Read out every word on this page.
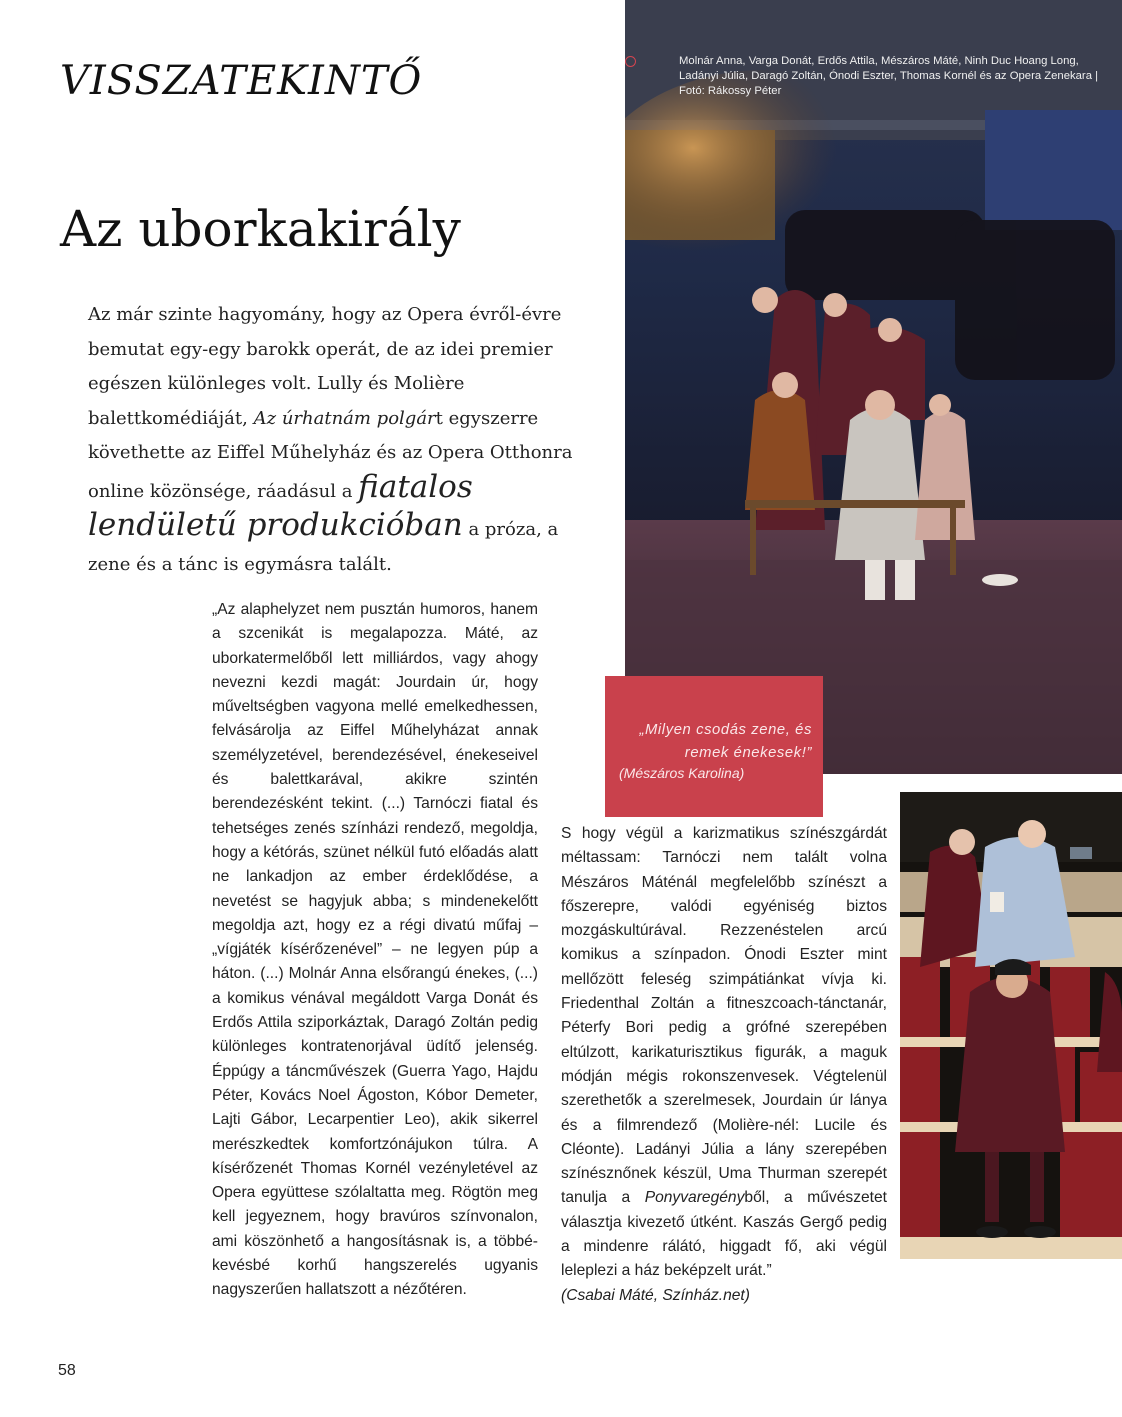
VISSZATEKINTŐ
Az uborkakirály
Az már szinte hagyomány, hogy az Opera évről-évre bemutat egy-egy barokk operát, de az idei premier egészen különleges volt. Lully és Molière balettkomédiáját, Az úrhatnám polgárt egyszerre követhette az Eiffel Műhelyház és az Opera Otthonra online közönsége, ráadásul a fiatalos lendületű produkcióban a próza, a zene és a tánc is egymásra talált.
„Az alaphelyzet nem pusztán humoros, hanem a szcenikát is megalapozza. Máté, az uborkatermelőből lett milliárdos, vagy ahogy nevezni kezdi magát: Jourdain úr, hogy műveltségben vagyona mellé emelkedhessen, felvásárolja az Eiffel Műhelyházat annak személyzetével, berendezésével, énekeseivel és balettkarával, akikre szintén berendezésként tekint. (...) Tarnóczi fiatal és tehetséges zenés színházi rendező, megoldja, hogy a kétórás, szünet nélkül futó előadás alatt ne lankadjon az ember érdeklődése, a nevetést se hagyjuk abba; s mindenekelőtt megoldja azt, hogy ez a régi divatú műfaj – „vígjáték kísérőzenével” – ne legyen púp a háton. (...) Molnár Anna elsőrangú énekes, (...) a komikus vénával megáldott Varga Donát és Erdős Attila sziporkáztak, Daragó Zoltán pedig különleges kontratenorjával üdítő jelenség. Éppúgy a táncművészek (Guerra Yago, Hajdu Péter, Kovács Noel Ágoston, Kóbor Demeter, Lajti Gábor, Lecarpentier Leo), akik sikerrel merészkedtek komfortzónájukon túlra. A kísérőzenét Thomas Kornél vezényletével az Opera együttese szólaltatta meg. Rögtön meg kell jegyeznem, hogy bravúros színvonalon, ami köszönhető a hangosításnak is, a többé-kevésbé korhű hangszerelés ugyanis nagyszerűen hallatszott a nézőtéren.
S hogy végül a karizmatikus színészgárdát méltassam: Tarnóczi nem talált volna Mészáros Máténál megfelelőbb színészt a főszerepre, valódi egyéniség biztos mozgáskultúrával. Rezzenéstelen arcú komikus a színpadon. Ónodi Eszter mint mellőzött feleség szimpátiánkat vívja ki. Friedenthal Zoltán a fitneszcoach-tánctanár, Péterfy Bori pedig a grófné szerepében eltúlzott, karikaturisztikus figurák, a maguk módján mégis rokonszenvesek. Végtelenül szerethetők a szerelmesek, Jourdain úr lánya és a filmrendező (Molière-nél: Lucile és Cléonte). Ladányi Júlia a lány szerepében színésznőnek készül, Uma Thurman szerepét tanulja a Ponyvaregényből, a művészetet választja kivezető útként. Kaszás Gergő pedig a mindenre rálátó, higgadt fő, aki végül leleplezi a ház beképzelt urát.”
(Csabai Máté, Színház.net)
Molnár Anna, Varga Donát, Erdős Attila, Mészáros Máté, Ninh Duc Hoang Long, Ladányi Júlia, Daragó Zoltán, Ónodi Eszter, Thomas Kornél és az Opera Zenekara | Fotó: Rákossy Péter
„Milyen csodás zene, és remek énekesek!”
(Mészáros Karolina)
58
